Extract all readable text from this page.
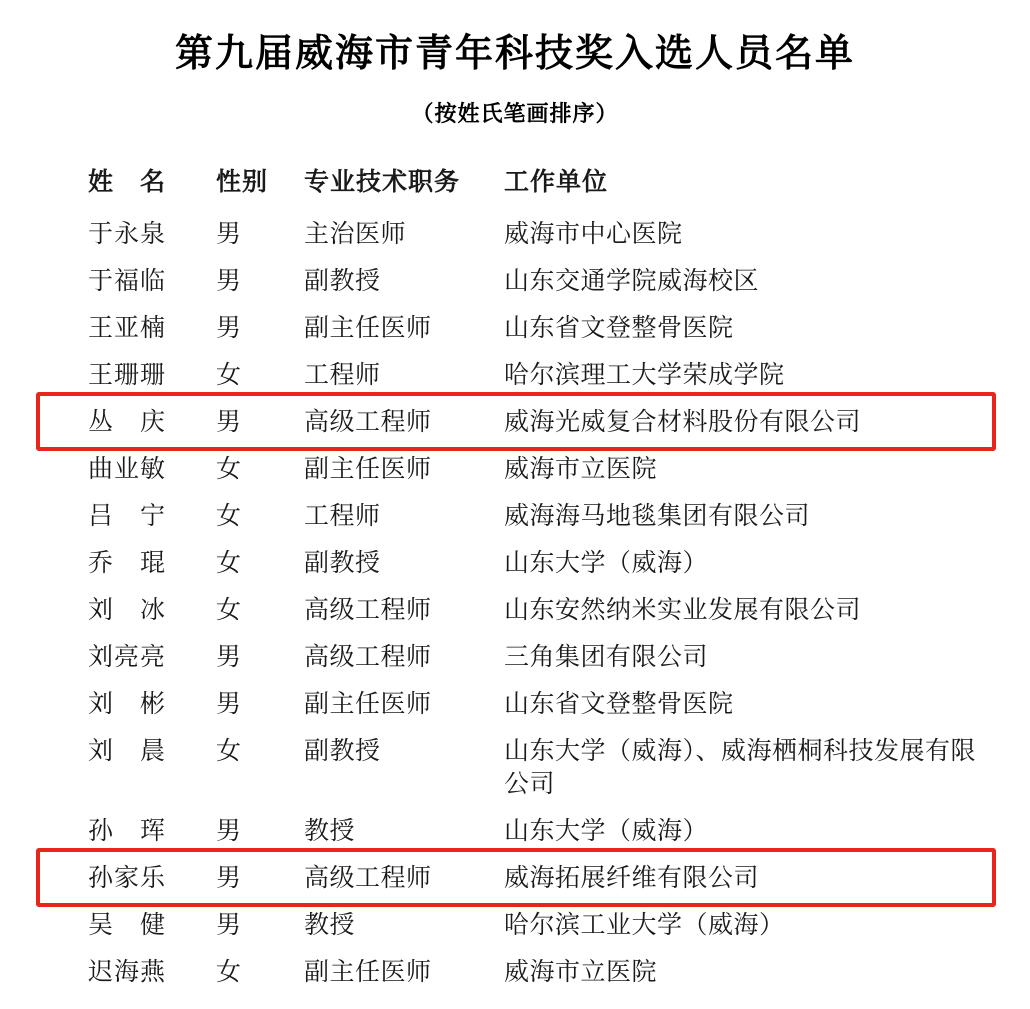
第九届威海市青年科技奖入选人员名单
（按姓氏笔画排序）
姓　名	性别	专业技术职务	工作单位
于永泉	男	主治医师	威海市中心医院
于福临	男	副教授	山东交通学院威海校区
王亚楠	男	副主任医师	山东省文登整骨医院
王珊珊	女	工程师	哈尔滨理工大学荣成学院
丛　庆	男	高级工程师	威海光威复合材料股份有限公司
曲业敏	女	副主任医师	威海市立医院
吕　宁	女	工程师	威海海马地毯集团有限公司
乔　琨	女	副教授	山东大学（威海）
刘　冰	女	高级工程师	山东安然纳米实业发展有限公司
刘亮亮	男	高级工程师	三角集团有限公司
刘　彬	男	副主任医师	山东省文登整骨医院
刘　晨	女	副教授	山东大学（威海）、威海栖桐科技发展有限公司
孙　珲	男	教授	山东大学（威海）
孙家乐	男	高级工程师	威海拓展纤维有限公司
吴　健	男	教授	哈尔滨工业大学（威海）
迟海燕	女	副主任医师	威海市立医院
